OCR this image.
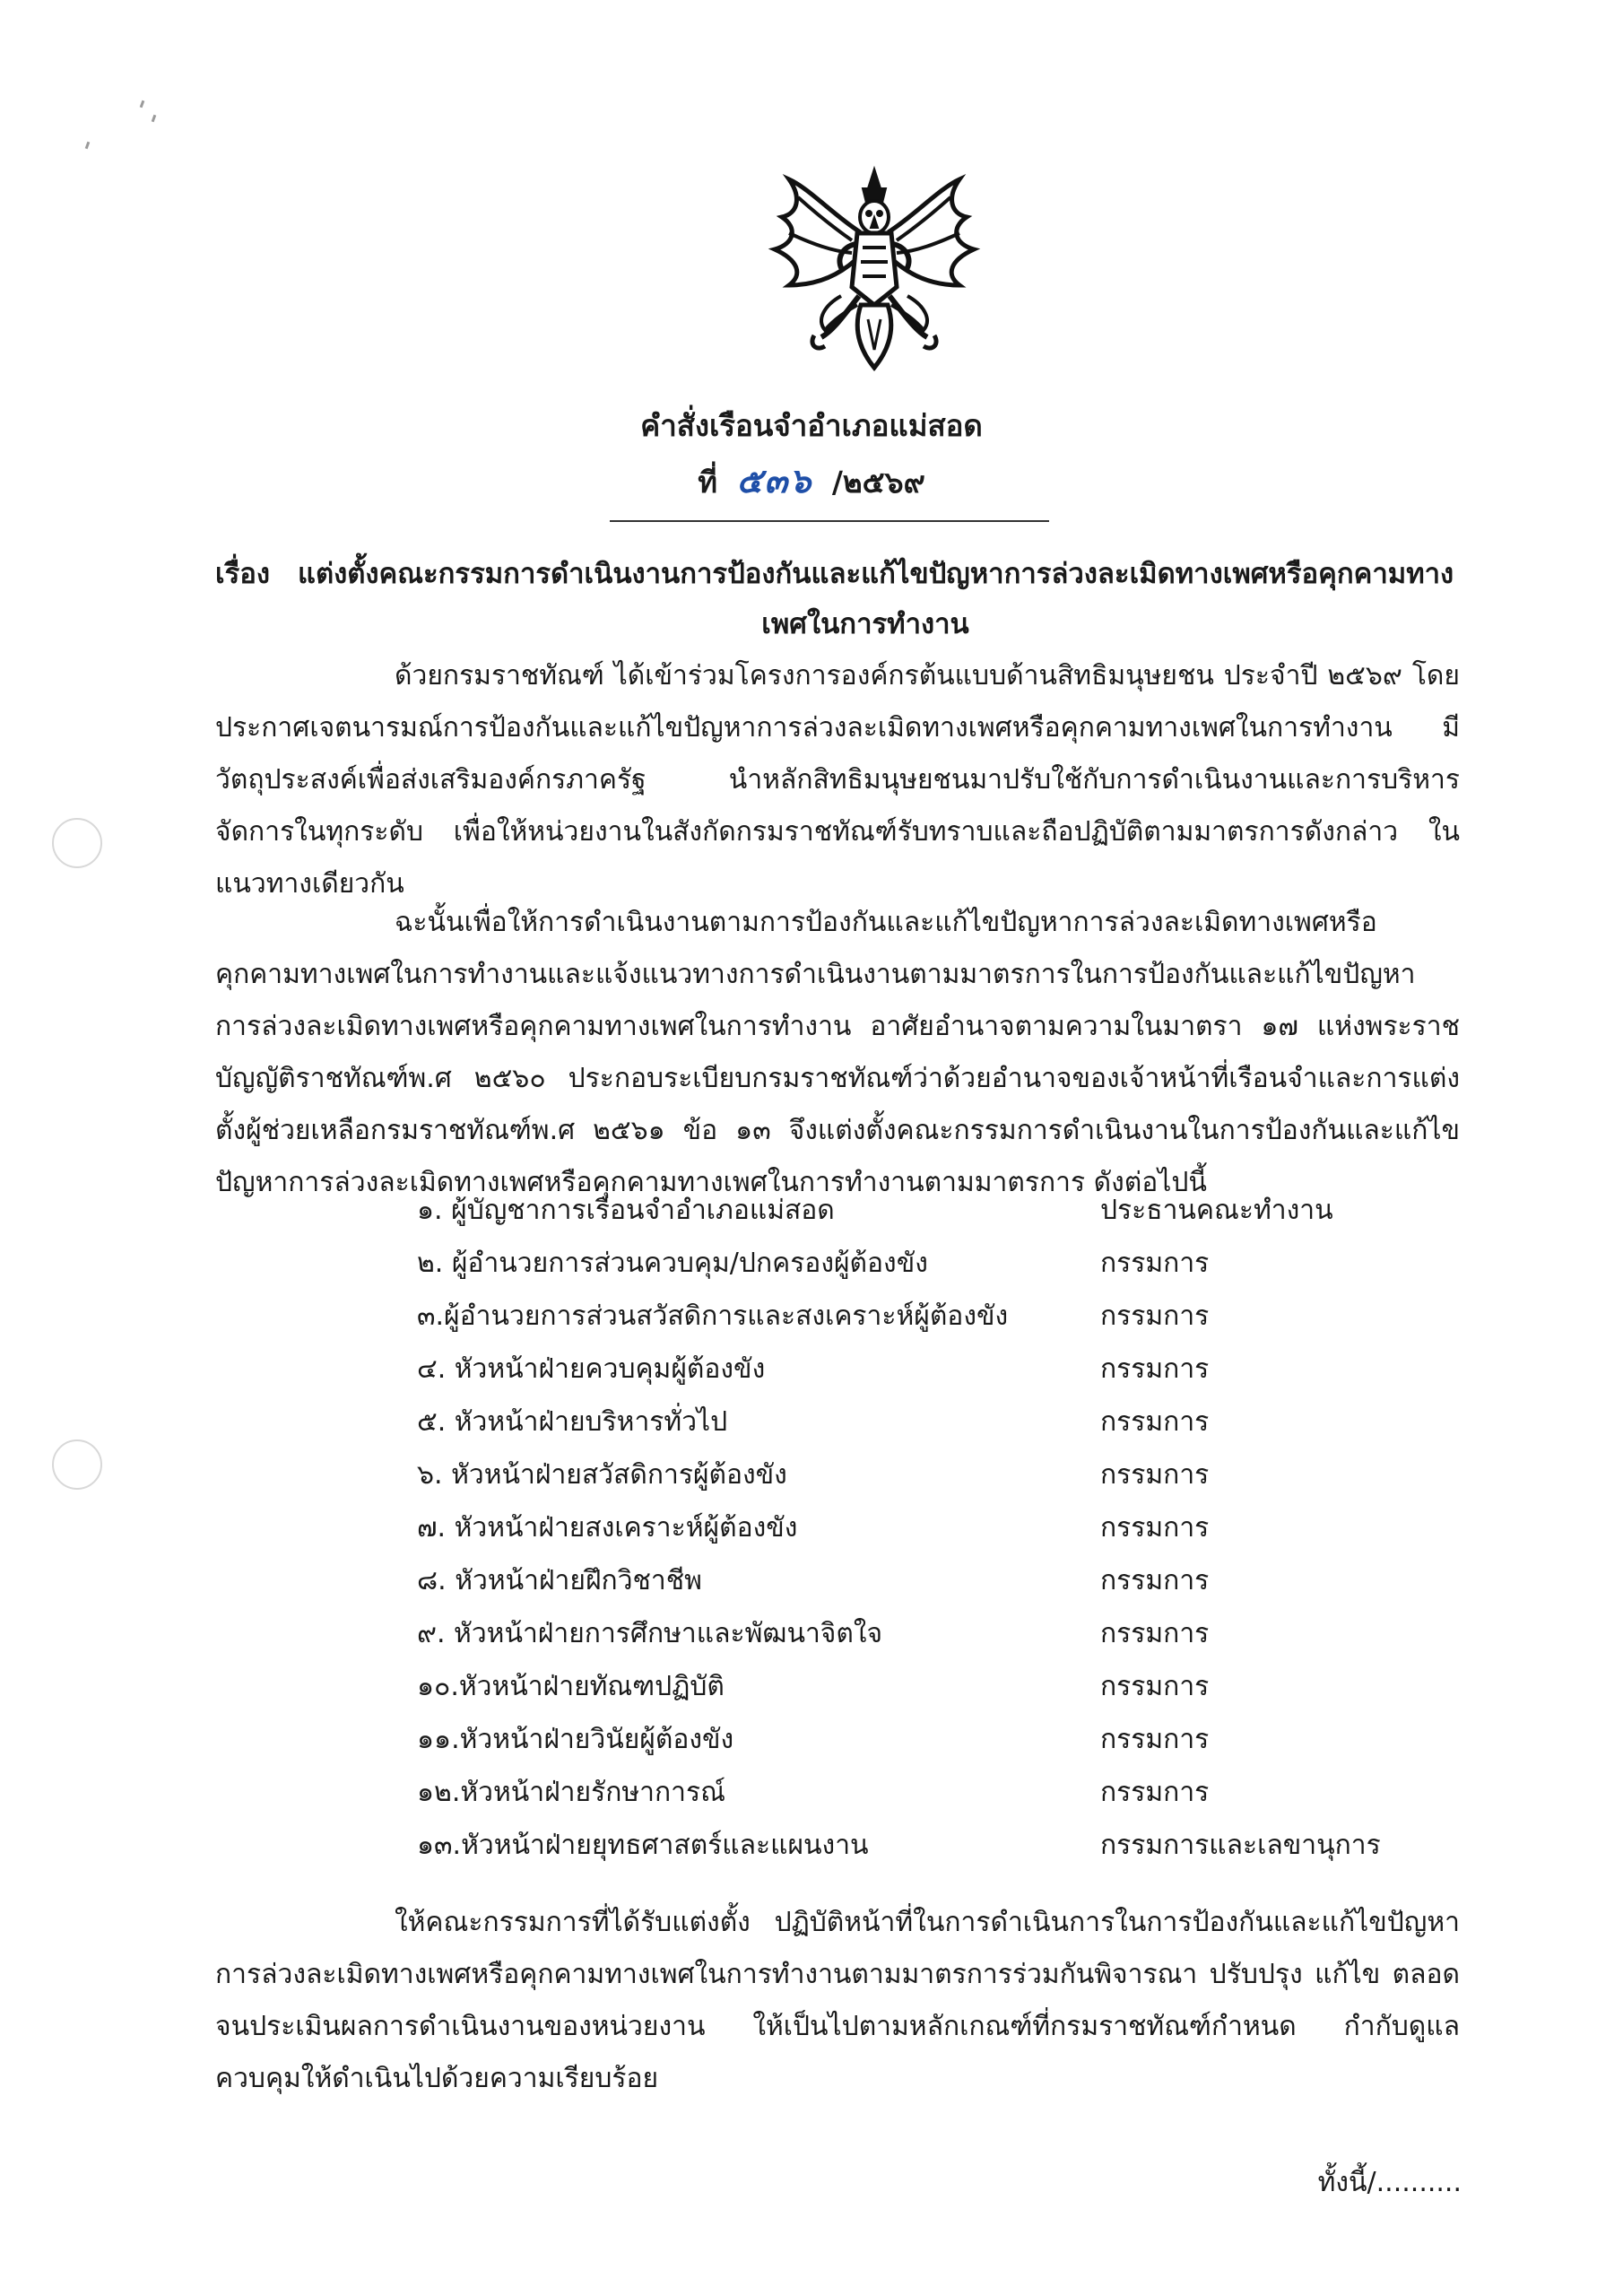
คำสั่งเรือนจำอำเภอแม่สอด
ที่ ๕๓๖ /๒๕๖๙
เรื่อง แต่งตั้งคณะกรรมการดำเนินงานการป้องกันและแก้ไขปัญหาการล่วงละเมิดทางเพศหรือคุกคามทาง
เพศในการทำงาน
ด้วยกรมราชทัณฑ์ ได้เข้าร่วมโครงการองค์กรต้นแบบด้านสิทธิมนุษยชน ประจำปี ๒๕๖๙ โดยประกาศเจตนารมณ์การป้องกันและแก้ไขปัญหาการล่วงละเมิดทางเพศหรือคุกคามทางเพศในการทำงาน มีวัตถุประสงค์เพื่อส่งเสริมองค์กรภาครัฐ นำหลักสิทธิมนุษยชนมาปรับใช้กับการดำเนินงานและการบริหารจัดการในทุกระดับ เพื่อให้หน่วยงานในสังกัดกรมราชทัณฑ์รับทราบและถือปฏิบัติตามมาตรการดังกล่าว ในแนวทางเดียวกัน
ฉะนั้นเพื่อให้การดำเนินงานตามการป้องกันและแก้ไขปัญหาการล่วงละเมิดทางเพศหรือคุกคามทางเพศในการทำงานและแจ้งแนวทางการดำเนินงานตามมาตรการในการป้องกันและแก้ไขปัญหาการล่วงละเมิดทางเพศหรือคุกคามทางเพศในการทำงาน อาศัยอำนาจตามความในมาตรา ๑๗ แห่งพระราชบัญญัติราชทัณฑ์พ.ศ ๒๕๖๐ ประกอบระเบียบกรมราชทัณฑ์ว่าด้วยอำนาจของเจ้าหน้าที่เรือนจำและการแต่งตั้งผู้ช่วยเหลือกรมราชทัณฑ์พ.ศ ๒๕๖๑ ข้อ ๑๓ จึงแต่งตั้งคณะกรรมการดำเนินงานในการป้องกันและแก้ไขปัญหาการล่วงละเมิดทางเพศหรือคุกคามทางเพศในการทำงานตามมาตรการ ดังต่อไปนี้
๑. ผู้บัญชาการเรือนจำอำเภอแม่สอด	ประธานคณะทำงาน
๒. ผู้อำนวยการส่วนควบคุม/ปกครองผู้ต้องขัง	กรรมการ
๓.ผู้อำนวยการส่วนสวัสดิการและสงเคราะห์ผู้ต้องขัง	กรรมการ
๔. หัวหน้าฝ่ายควบคุมผู้ต้องขัง	กรรมการ
๕. หัวหน้าฝ่ายบริหารทั่วไป	กรรมการ
๖. หัวหน้าฝ่ายสวัสดิการผู้ต้องขัง	กรรมการ
๗. หัวหน้าฝ่ายสงเคราะห์ผู้ต้องขัง	กรรมการ
๘. หัวหน้าฝ่ายฝึกวิชาชีพ	กรรมการ
๙. หัวหน้าฝ่ายการศึกษาและพัฒนาจิตใจ	กรรมการ
๑๐.หัวหน้าฝ่ายทัณฑปฏิบัติ	กรรมการ
๑๑.หัวหน้าฝ่ายวินัยผู้ต้องขัง	กรรมการ
๑๒.หัวหน้าฝ่ายรักษาการณ์	กรรมการ
๑๓.หัวหน้าฝ่ายยุทธศาสตร์และแผนงาน	กรรมการและเลขานุการ
ให้คณะกรรมการที่ได้รับแต่งตั้ง ปฏิบัติหน้าที่ในการดำเนินการในการป้องกันและแก้ไขปัญหาการล่วงละเมิดทางเพศหรือคุกคามทางเพศในการทำงานตามมาตรการร่วมกันพิจารณา ปรับปรุง แก้ไข ตลอดจนประเมินผลการดำเนินงานของหน่วยงาน ให้เป็นไปตามหลักเกณฑ์ที่กรมราชทัณฑ์กำหนด กำกับดูแลควบคุมให้ดำเนินไปด้วยความเรียบร้อย
ทั้งนี้/..........
